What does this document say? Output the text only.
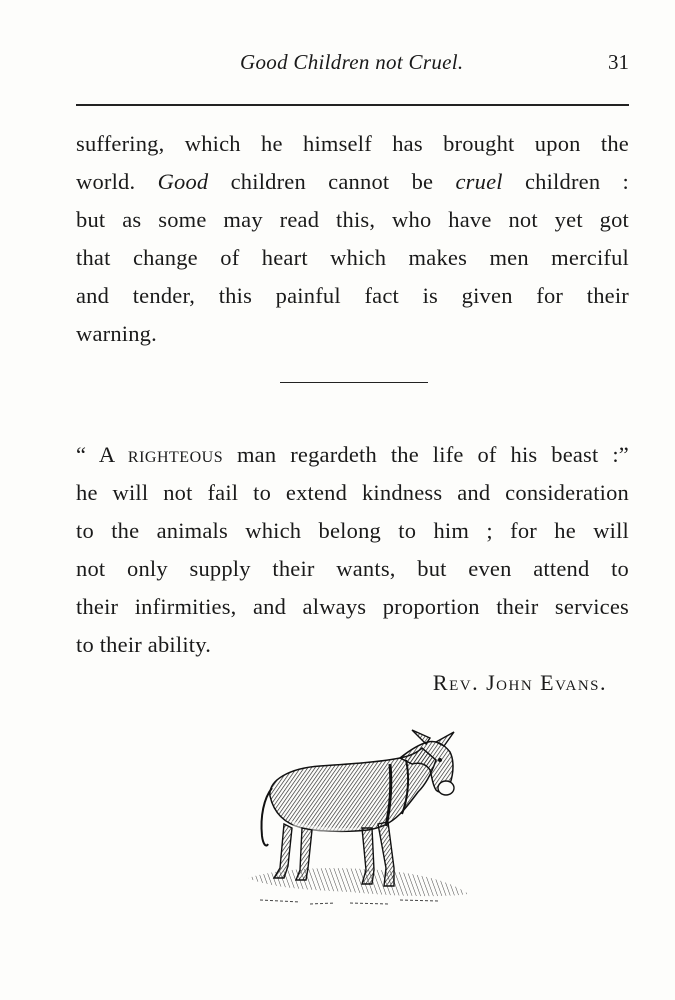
Good Children not Cruel.	31
suffering, which he himself has brought upon the
world. Good children cannot be cruel children :
but as some may read this, who have not yet got
that change of heart which makes men merciful
and tender, this painful fact is given for their
warning.
“ A righteous man regardeth the life of his beast :”
he will not fail to extend kindness and consideration
to the animals which belong to him ; for he will
not only supply their wants, but even attend to
their infirmities, and always proportion their services
to their ability.
Rev. John Evans.
